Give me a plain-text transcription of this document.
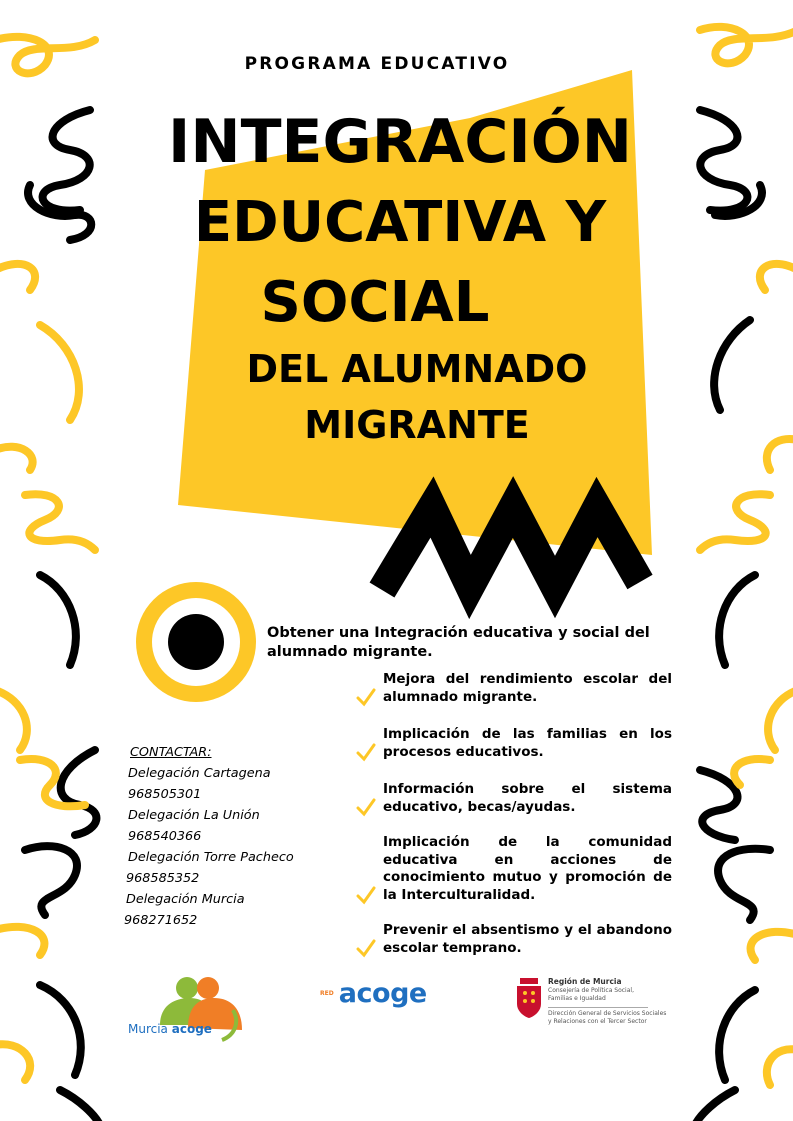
PROGRAMA EDUCATIVO
INTEGRACIÓN
EDUCATIVA Y
SOCIAL
DEL ALUMNADO
MIGRANTE
Obtener una Integración educativa y social del alumnado migrante.
Mejora del rendimiento escolar del alumnado migrante.
Implicación de las familias en los procesos educativos.
Información sobre el sistema educativo, becas/ayudas.
Implicación de la comunidad educativa en acciones de conocimiento mutuo y promoción de la Interculturalidad.
Prevenir el absentismo y el abandono escolar temprano.
CONTACTAR:
Delegación Cartagena
968505301
Delegación La Unión
968540366
Delegación Torre Pacheco
968585352
Delegación Murcia
968271652
Murcia acoge
RED acoge	Región de Murcia
Consejería de Política Social,
Familias e Igualdad
Dirección General de Servicios Sociales
y Relaciones con el Tercer Sector
